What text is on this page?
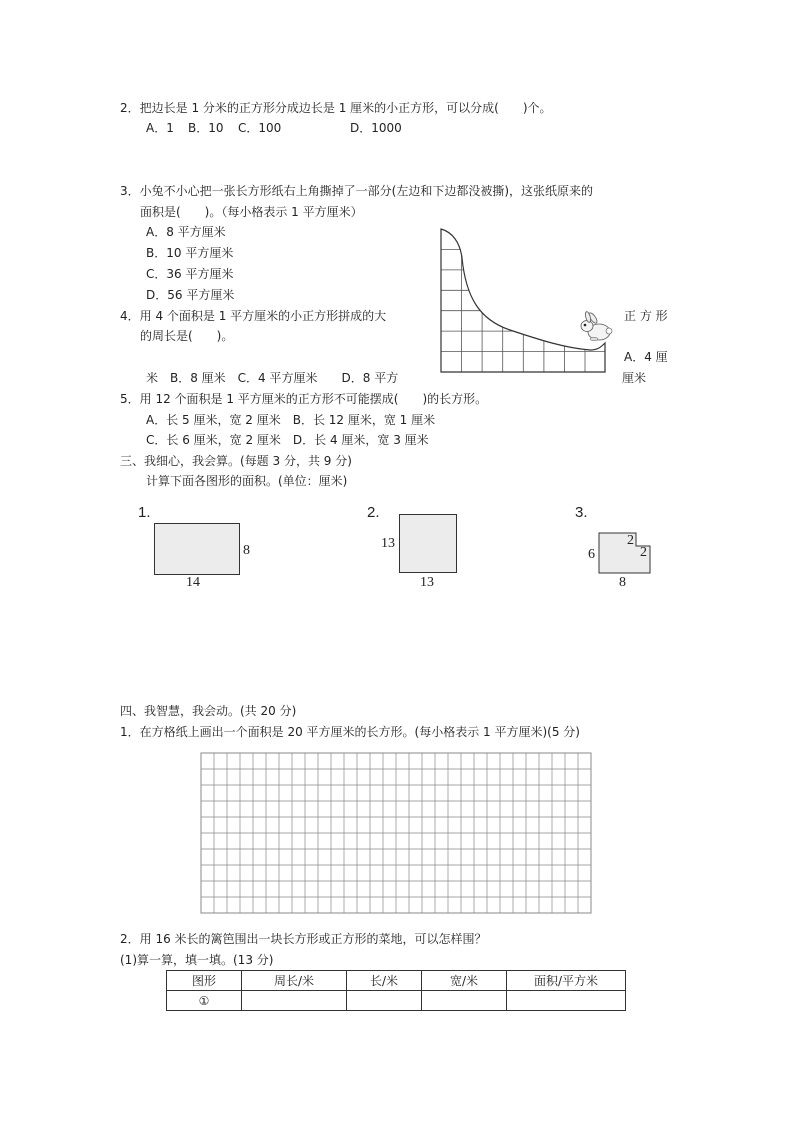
2．把边长是 1 分米的正方形分成边长是 1 厘米的小正方形，可以分成(　　)个。
A．1 B．10 C．100	D．1000
3．小兔不小心把一张长方形纸右上角撕掉了一部分(左边和下边都没被撕)，这张纸原来的
面积是(　　)。（每小格表示 1 平方厘米）
A．8 平方厘米
B．10 平方厘米
C．36 平方厘米
D．56 平方厘米
4．用 4 个面积是 1 平方厘米的小正方形拼成的大	正 方 形
的周长是(　　)。
A．4 厘
厘米
米　B．8 厘米　C．4 平方厘米　　D．8 平方
5．用 12 个面积是 1 平方厘米的正方形不可能摆成(　　)的长方形。
A．长 5 厘米，宽 2 厘米　B．长 12 厘米，宽 1 厘米
C．长 6 厘米，宽 2 厘米　D．长 4 厘米，宽 3 厘米
三、我细心，我会算。(每题 3 分，共 9 分)
计算下面各图形的面积。(单位：厘米)
1.
8
14
2.
13
13
3.
2
2
6
8
四、我智慧，我会动。(共 20 分)
1．在方格纸上画出一个面积是 20 平方厘米的长方形。(每小格表示 1 平方厘米)(5 分)
2．用 16 米长的篱笆围出一块长方形或正方形的菜地，可以怎样围？
(1)算一算，填一填。(13 分)
图形	周长/米	长/米	宽/米	面积/平方米
①				
